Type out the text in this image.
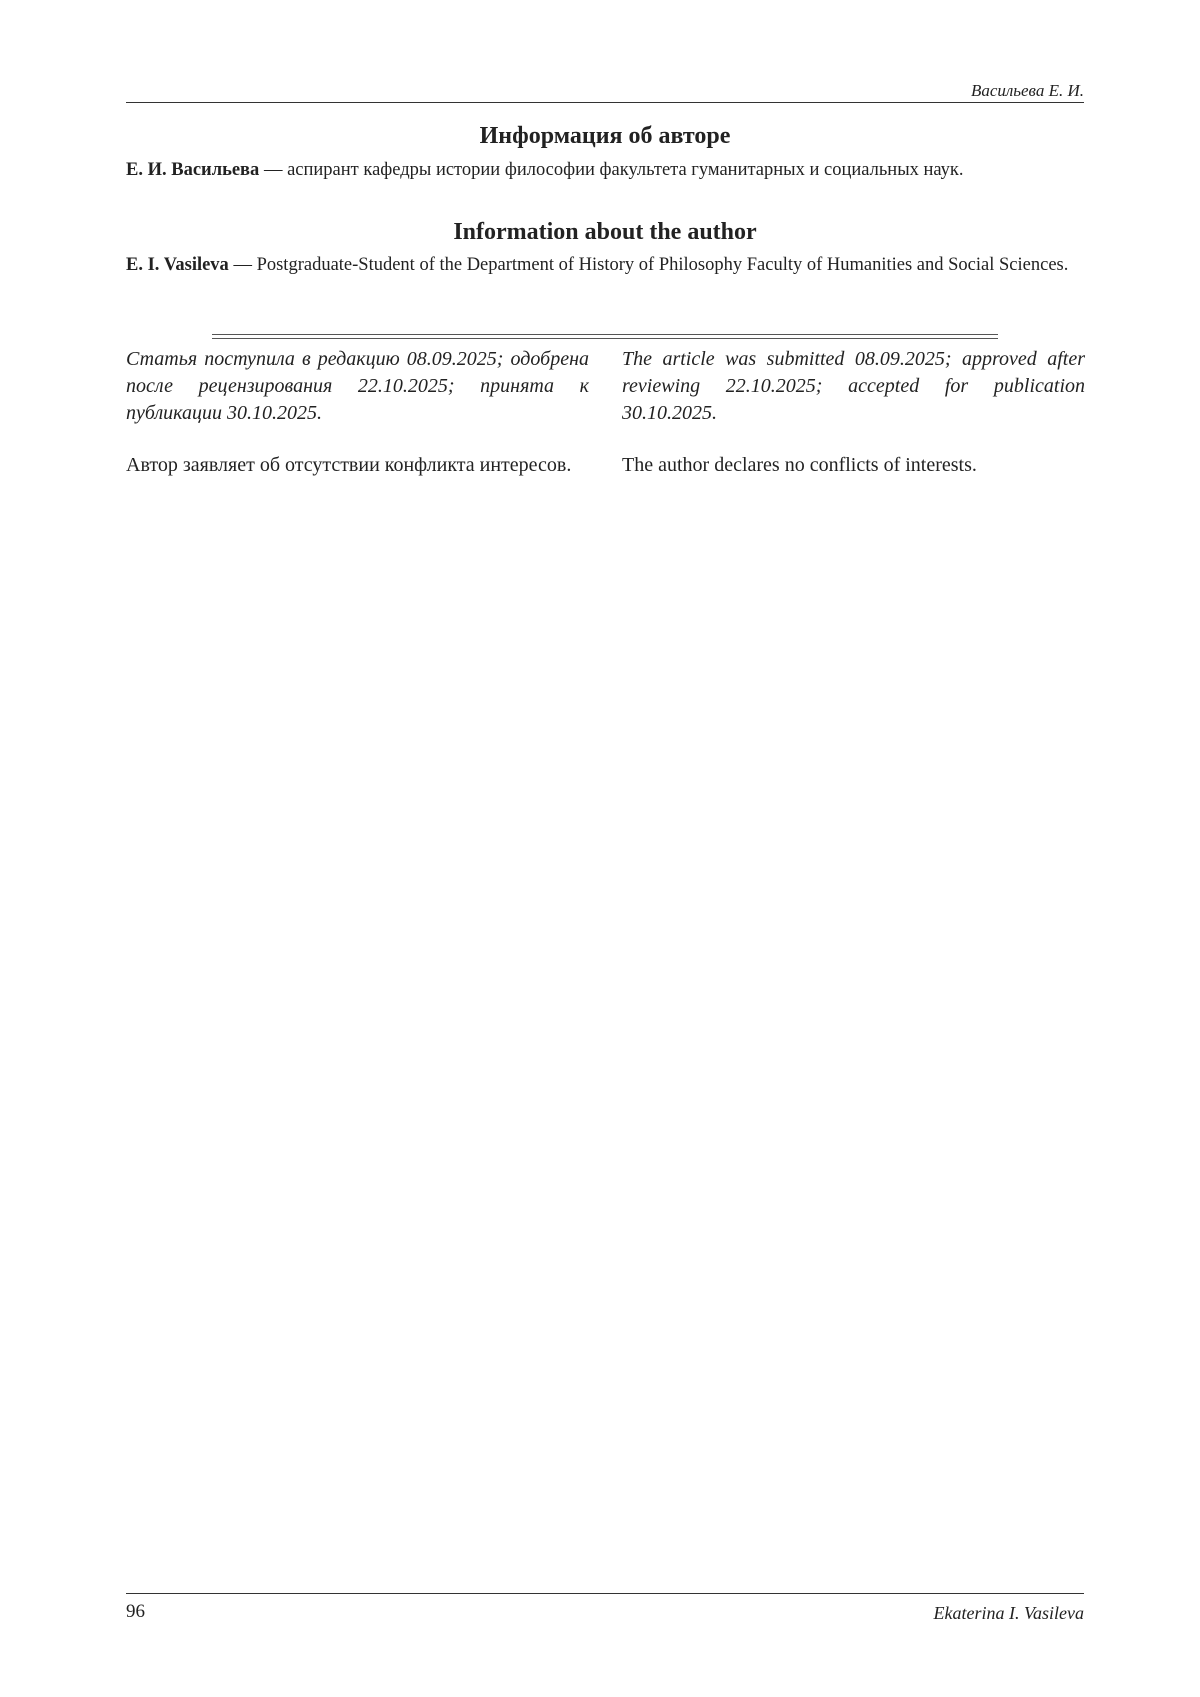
Васильева Е. И.
Информация об авторе
Е. И. Васильева — аспирант кафедры истории философии факультета гуманитарных и социальных наук.
Information about the author
E. I. Vasileva — Postgraduate-Student of the Department of History of Philosophy Faculty of Humanities and Social Sciences.
Статья поступила в редакцию 08.09.2025; одобрена после рецензирования 22.10.2025; принята к публикации 30.10.2025.
The article was submitted 08.09.2025; approved after reviewing 22.10.2025; accepted for publication 30.10.2025.
Автор заявляет об отсутствии конфликта интересов.	The author declares no conflicts of interests.
96	Ekaterina I. Vasileva
